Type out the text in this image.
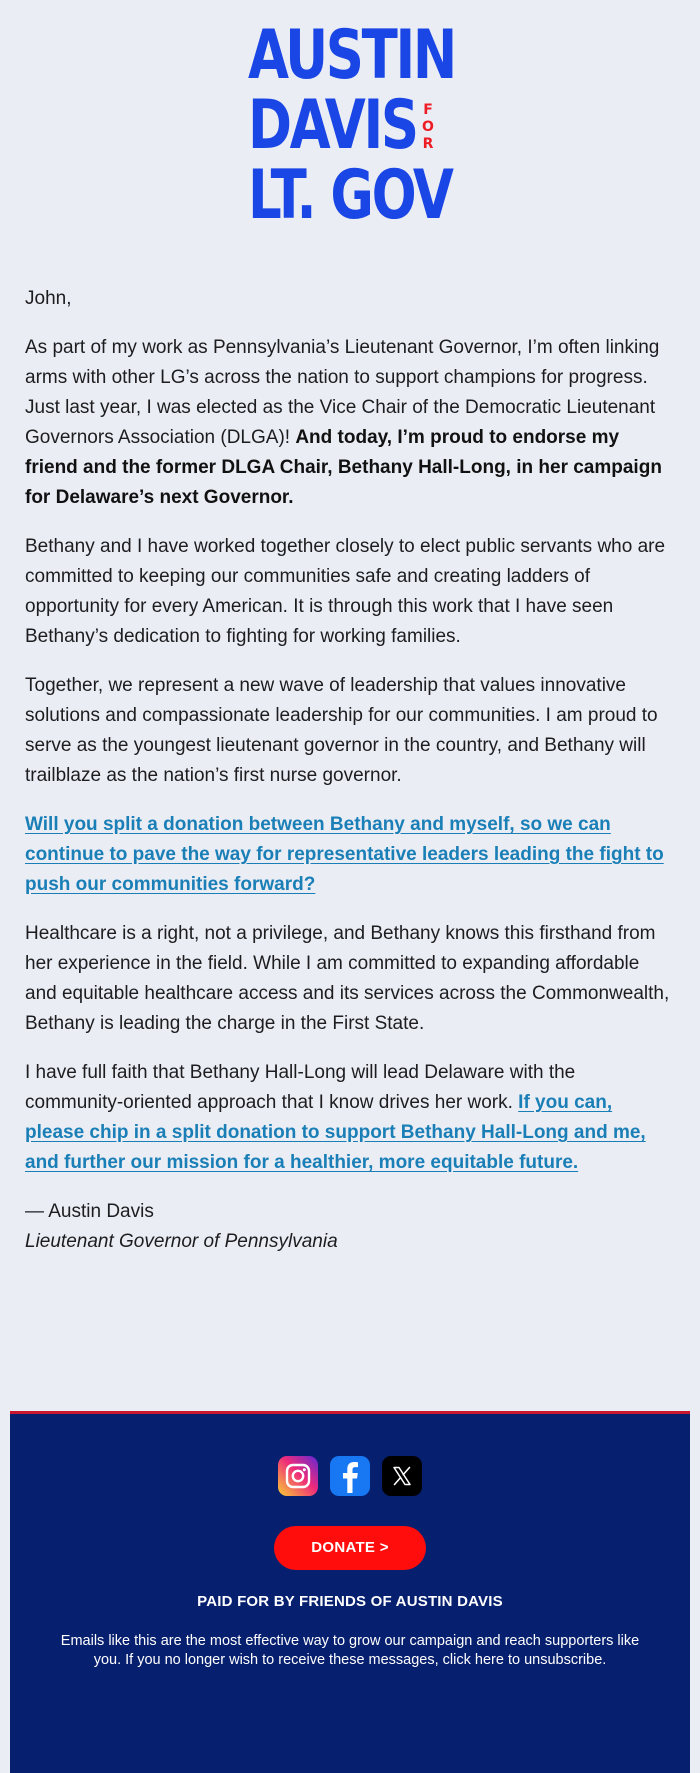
AUSTIN
DAVIS F
O
R
LT. GOV

John,

As part of my work as Pennsylvania’s Lieutenant Governor, I’m often linking arms with other LG’s across the nation to support champions for progress. Just last year, I was elected as the Vice Chair of the Democratic Lieutenant Governors Association (DLGA)! And today, I’m proud to endorse my friend and the former DLGA Chair, Bethany Hall-Long, in her campaign for Delaware’s next Governor.

Bethany and I have worked together closely to elect public servants who are committed to keeping our communities safe and creating ladders of opportunity for every American. It is through this work that I have seen Bethany’s dedication to fighting for working families.

Together, we represent a new wave of leadership that values innovative solutions and compassionate leadership for our communities. I am proud to serve as the youngest lieutenant governor in the country, and Bethany will trailblaze as the nation’s first nurse governor.

Will you split a donation between Bethany and myself, so we can continue to pave the way for representative leaders leading the fight to push our communities forward?

Healthcare is a right, not a privilege, and Bethany knows this firsthand from her experience in the field. While I am committed to expanding affordable and equitable healthcare access and its services across the Commonwealth, Bethany is leading the charge in the First State.

I have full faith that Bethany Hall-Long will lead Delaware with the community-oriented approach that I know drives her work. If you can, please chip in a split donation to support Bethany Hall-Long and me, and further our mission for a healthier, more equitable future.

— Austin Davis
Lieutenant Governor of Pennsylvania
DONATE >
PAID FOR BY FRIENDS OF AUSTIN DAVIS
Emails like this are the most effective way to grow our campaign and reach supporters like you. If you no longer wish to receive these messages, click here to unsubscribe.
